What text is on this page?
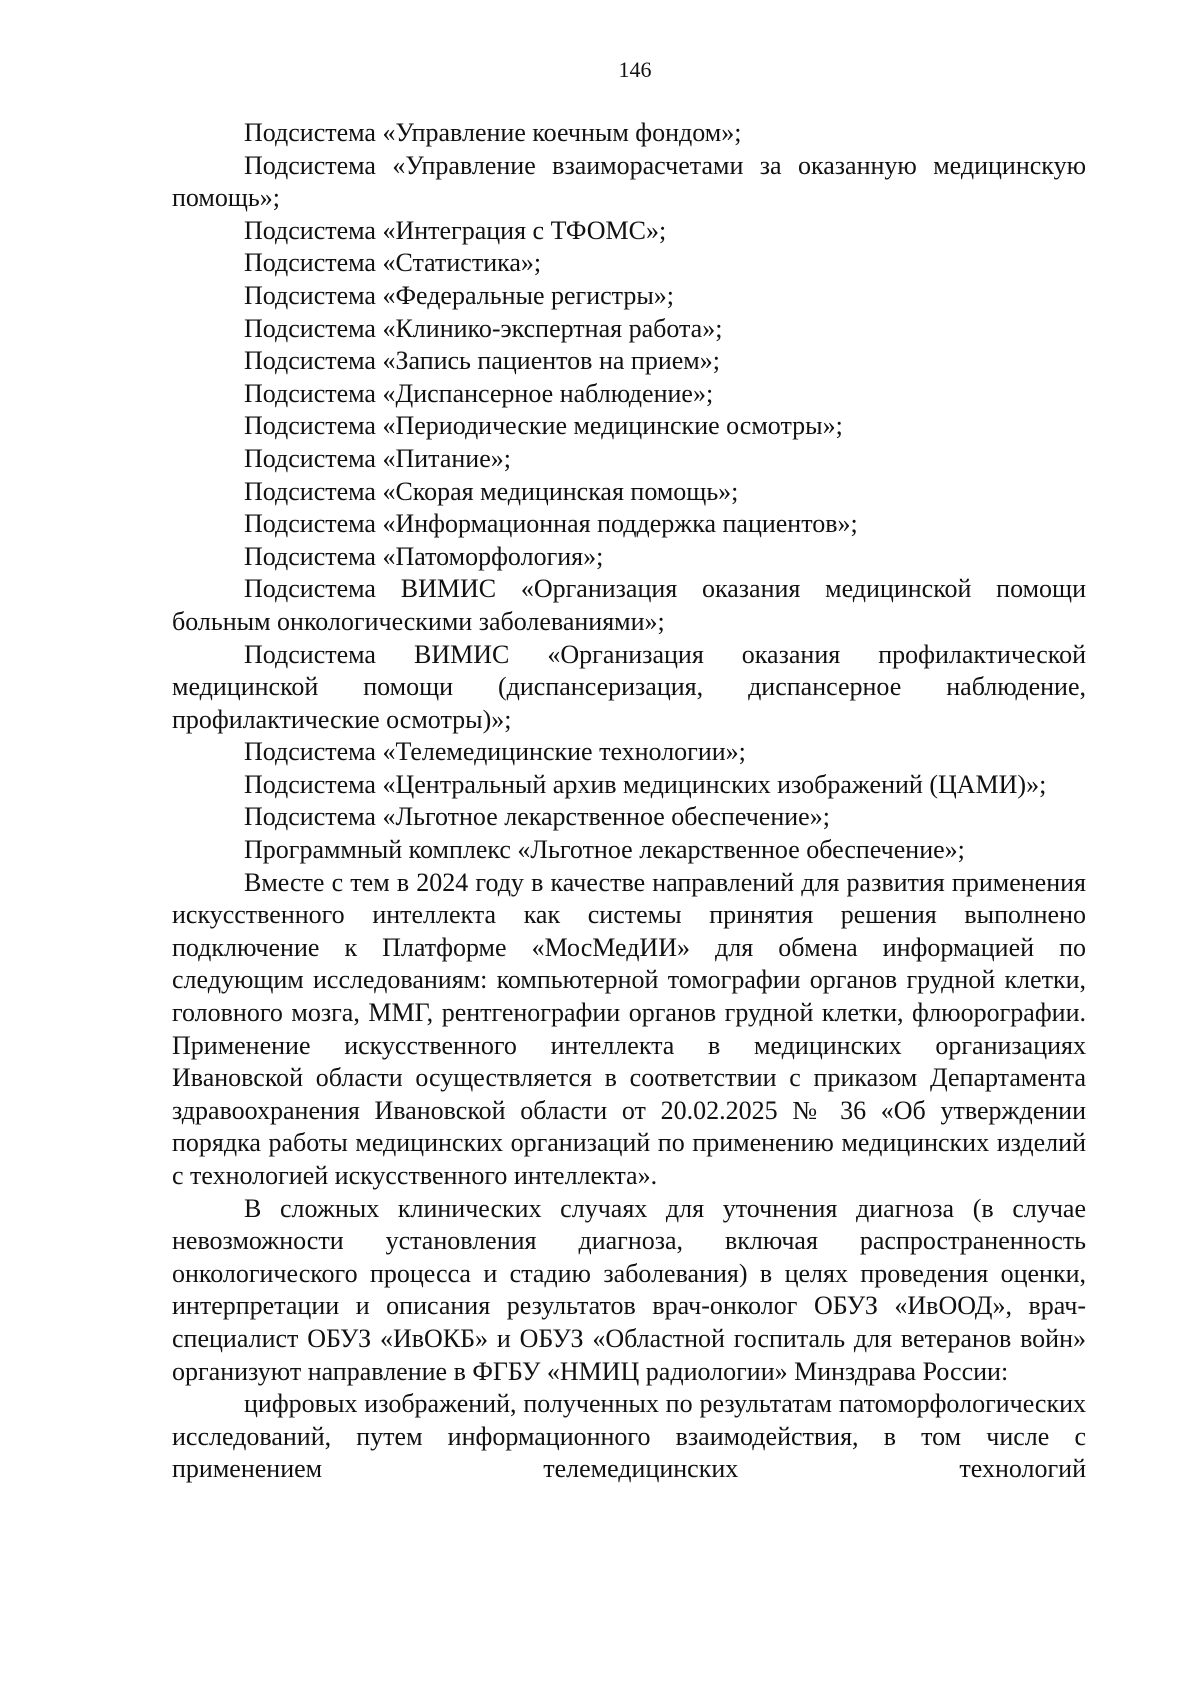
146

Подсистема «Управление коечным фондом»;

Подсистема «Управление взаиморасчетами за оказанную медицинскую помощь»;

Подсистема «Интеграция с ТФОМС»;

Подсистема «Статистика»;

Подсистема «Федеральные регистры»;

Подсистема «Клинико-экспертная работа»;

Подсистема «Запись пациентов на прием»;

Подсистема «Диспансерное наблюдение»;

Подсистема «Периодические медицинские осмотры»;

Подсистема «Питание»;

Подсистема «Скорая медицинская помощь»;

Подсистема «Информационная поддержка пациентов»;

Подсистема «Патоморфология»;

Подсистема ВИМИС «Организация оказания медицинской помощи больным онкологическими заболеваниями»;

Подсистема ВИМИС «Организация оказания профилактической медицинской помощи (диспансеризация, диспансерное наблюдение, профилактические осмотры)»;

Подсистема «Телемедицинские технологии»;

Подсистема «Центральный архив медицинских изображений (ЦАМИ)»;

Подсистема «Льготное лекарственное обеспечение»;

Программный комплекс «Льготное лекарственное обеспечение»;

Вместе с тем в 2024 году в качестве направлений для развития применения искусственного интеллекта как системы принятия решения выполнено подключение к Платформе «МосМедИИ» для обмена информацией по следующим исследованиям: компьютерной томографии органов грудной клетки, головного мозга, ММГ, рентгенографии органов грудной клетки, флюорографии. Применение искусственного интеллекта в медицинских организациях Ивановской области осуществляется в соответствии с приказом Департамента здравоохранения Ивановской области от 20.02.2025 № 36 «Об утверждении порядка работы медицинских организаций по применению медицинских изделий с технологией искусственного интеллекта».

В сложных клинических случаях для уточнения диагноза (в случае невозможности установления диагноза, включая распространенность онкологического процесса и стадию заболевания) в целях проведения оценки, интерпретации и описания результатов врач-онколог ОБУЗ «ИвООД», врач-специалист ОБУЗ «ИвОКБ» и ОБУЗ «Областной госпиталь для ветеранов войн» организуют направление в ФГБУ «НМИЦ радиологии» Минздрава России:

цифровых изображений, полученных по результатам патоморфологических исследований, путем информационного взаимодействия, в том числе с применением телемедицинских технологий
